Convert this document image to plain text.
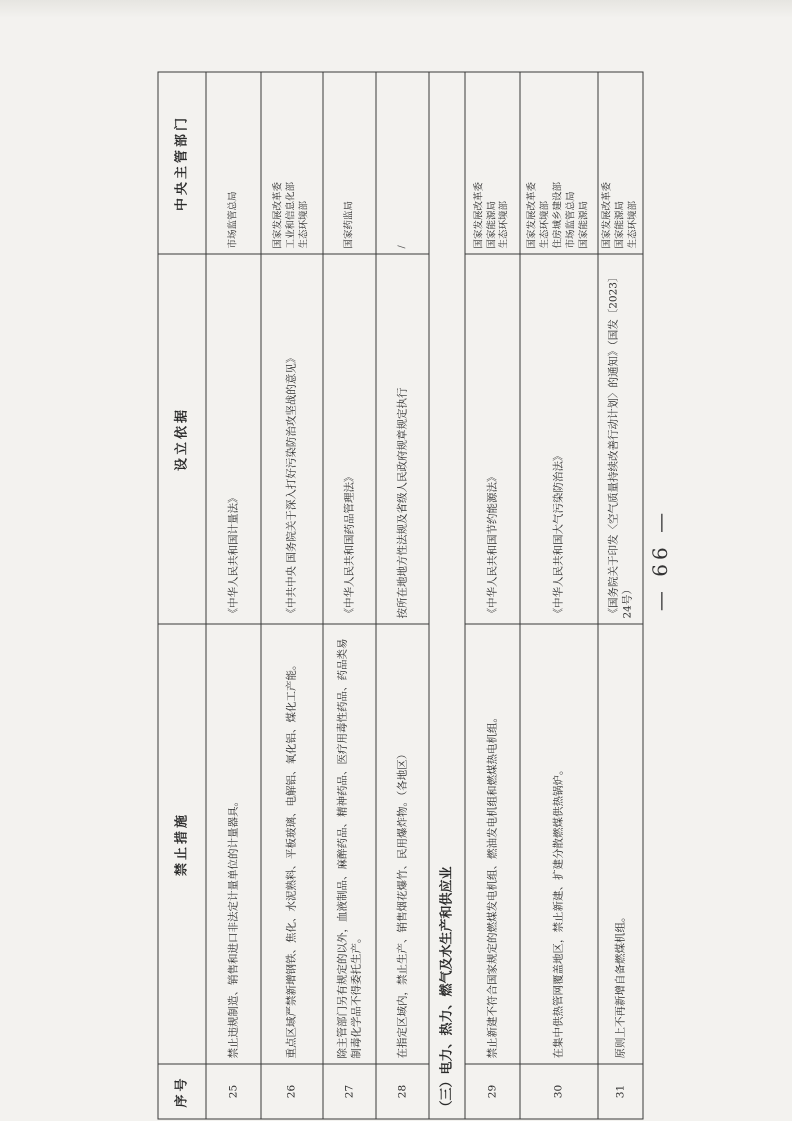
序号	禁止措施	设立依据	中央主管部门
25	禁止违规制造、销售和进口非法定计量单位的计量器具。	《中华人民共和国计量法》	市场监管总局

26	重点区域严禁新增钢铁、焦化、水泥熟料、平板玻璃、电解铝、氧化铝、煤化工产能。	《中共中央 国务院关于深入打好污染防治攻坚战的意见》	国家发展改革委 工业和信息化部 生态环境部

27	除主管部门另有规定的以外，血液制品、麻醉药品、精神药品、医疗用毒性药品、药品类易制毒化学品不得委托生产。	《中华人民共和国药品管理法》	国家药监局

28	在指定区域内，禁止生产、销售烟花爆竹、民用爆炸物。（各地区）	按所在地地方性法规及省级人民政府规章规定执行	/

（三）电力、热力、燃气及水生产和供应业			
29	禁止新建不符合国家规定的燃煤发电机组、燃油发电机组和燃煤热电机组。	《中华人民共和国节约能源法》	国家发展改革委 国家能源局 生态环境部

30	在集中供热管网覆盖地区，禁止新建、扩建分散燃煤供热锅炉。	《中华人民共和国大气污染防治法》	国家发展改革委 生态环境部 住房城乡建设部 市场监管总局 国家能源局

31	原则上不再新增自备燃煤机组。	《国务院关于印发〈空气质量持续改善行动计划〉的通知》（国发〔2023〕24号）	国家发展改革委 国家能源局 生态环境部
— 66 —
